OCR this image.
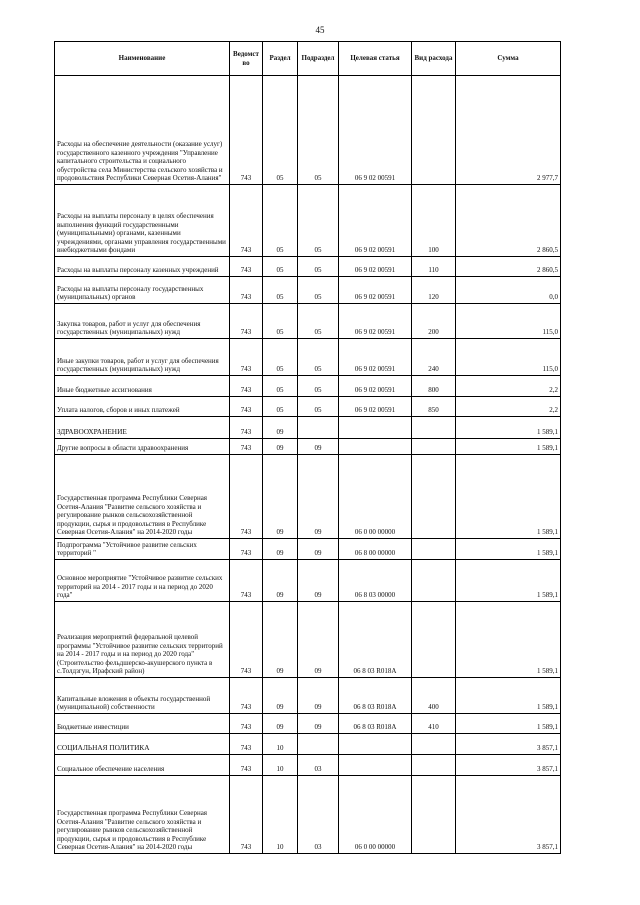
45
Наименование	Ведомст во	Раздел	Подраздел	Целевая статья	Вид расхода	Сумма
Расходы на обеспечение деятельности (оказание услуг) государственного казенного учреждения "Управление капитального строительства и социального обустройства села Министерства сельского хозяйства и продовольствия Республики Северная Осетия-Алания"	743	05	05	06 9 02 00591		2 977,7
Расходы на выплаты персоналу в целях обеспечения выполнения функций государственными (муниципальными) органами, казенными учреждениями, органами управления государственными внебюджетными фондами	743	05	05	06 9 02 00591	100	2 860,5
Расходы на выплаты персоналу казенных учреждений	743	05	05	06 9 02 00591	110	2 860,5
Расходы на выплаты персоналу государственных (муниципальных) органов	743	05	05	06 9 02 00591	120	0,0
Закупка товаров, работ и услуг для обеспечения государственных (муниципальных) нужд	743	05	05	06 9 02 00591	200	115,0
Иные закупки товаров, работ и услуг для обеспечения государственных (муниципальных) нужд	743	05	05	06 9 02 00591	240	115,0
Иные бюджетные ассигнования	743	05	05	06 9 02 00591	800	2,2
Уплата налогов, сборов и иных платежей	743	05	05	06 9 02 00591	850	2,2
ЗДРАВООХРАНЕНИЕ	743	09				1 589,1
Другие вопросы в области здравоохранения	743	09	09			1 589,1
Государственная программа Республики Северная Осетия-Алания "Развитие сельского хозяйства и регулирование рынков сельскохозяйственной продукции, сырья и продовольствия в Республике Северная Осетия-Алания" на 2014-2020 годы	743	09	09	06 0 00 00000		1 589,1
Подпрограмма "Устойчивое развитие сельских территорий "	743	09	09	06 8 00 00000		1 589,1
Основное мероприятие "Устойчивое развитие сельских территорий на 2014 - 2017 годы и на период до 2020 года"	743	09	09	06 8 03 00000		1 589,1
Реализация мероприятий федеральной целевой программы "Устойчивое развитие сельских территорий на 2014 - 2017 годы и на период до 2020 года" (Строительство фельдшерско-акушерского пункта в с.Толдзгун, Ирафский район)	743	09	09	06 8 03 R018A		1 589,1
Капитальные вложения в объекты государственной (муниципальной) собственности	743	09	09	06 8 03 R018A	400	1 589,1
Бюджетные инвестиции	743	09	09	06 8 03 R018A	410	1 589,1
СОЦИАЛЬНАЯ ПОЛИТИКА	743	10				3 857,1
Социальное обеспечение населения	743	10	03			3 857,1
Государственная программа Республики Северная Осетия-Алания "Развитие сельского хозяйства и регулирование рынков сельскохозяйственной продукции, сырья и продовольствия в Республике Северная Осетия-Алания" на 2014-2020 годы	743	10	03	06 0 00 00000		3 857,1
